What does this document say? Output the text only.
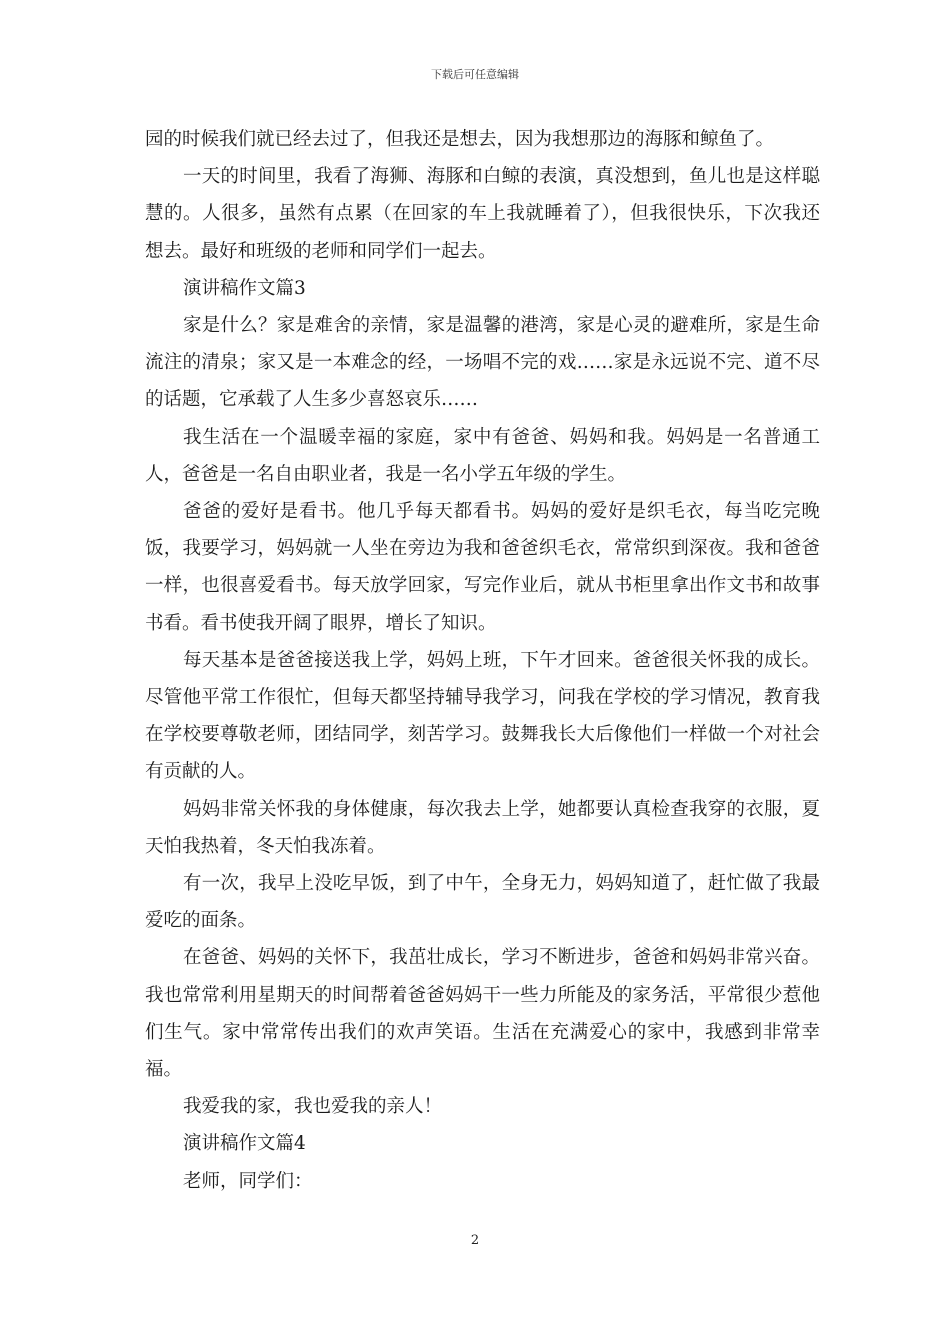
下载后可任意编辑

园的时候我们就已经去过了，但我还是想去，因为我想那边的海豚和鲸鱼了。

一天的时间里，我看了海狮、海豚和白鲸的表演，真没想到，鱼儿也是这样聪慧的。人很多，虽然有点累（在回家的车上我就睡着了），但我很快乐，下次我还想去。最好和班级的老师和同学们一起去。

演讲稿作文篇3

家是什么？家是难舍的亲情，家是温馨的港湾，家是心灵的避难所，家是生命流注的清泉；家又是一本难念的经，一场唱不完的戏……家是永远说不完、道不尽的话题，它承载了人生多少喜怒哀乐……

我生活在一个温暖幸福的家庭，家中有爸爸、妈妈和我。妈妈是一名普通工人，爸爸是一名自由职业者，我是一名小学五年级的学生。

爸爸的爱好是看书。他几乎每天都看书。妈妈的爱好是织毛衣，每当吃完晚饭，我要学习，妈妈就一人坐在旁边为我和爸爸织毛衣，常常织到深夜。我和爸爸一样，也很喜爱看书。每天放学回家，写完作业后，就从书柜里拿出作文书和故事书看。看书使我开阔了眼界，增长了知识。

每天基本是爸爸接送我上学，妈妈上班，下午才回来。爸爸很关怀我的成长。尽管他平常工作很忙，但每天都坚持辅导我学习，问我在学校的学习情况，教育我在学校要尊敬老师，团结同学，刻苦学习。鼓舞我长大后像他们一样做一个对社会有贡献的人。

妈妈非常关怀我的身体健康，每次我去上学，她都要认真检查我穿的衣服，夏天怕我热着，冬天怕我冻着。

有一次，我早上没吃早饭，到了中午，全身无力，妈妈知道了，赶忙做了我最爱吃的面条。

在爸爸、妈妈的关怀下，我茁壮成长，学习不断进步，爸爸和妈妈非常兴奋。我也常常利用星期天的时间帮着爸爸妈妈干一些力所能及的家务活，平常很少惹他们生气。家中常常传出我们的欢声笑语。生活在充满爱心的家中，我感到非常幸福。

我爱我的家，我也爱我的亲人！

演讲稿作文篇4

老师，同学们：

2
